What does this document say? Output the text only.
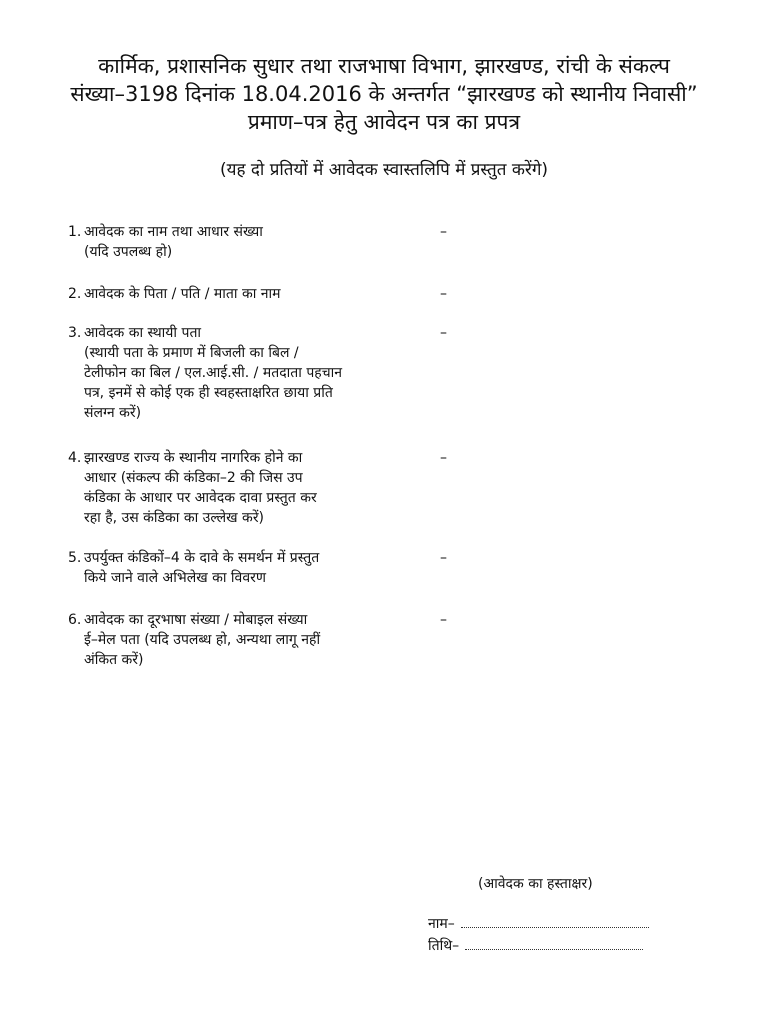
कार्मिक, प्रशासनिक सुधार तथा राजभाषा विभाग, झारखण्ड, रांची के संकल्प
संख्या–3198 दिनांक 18.04.2016 के अन्तर्गत “झारखण्ड को स्थानीय निवासी”
प्रमाण–पत्र हेतु आवेदन पत्र का प्रपत्र
(यह दो प्रतियों में आवेदक स्वास्तलिपि में प्रस्तुत करेंगे)
1. आवेदक का नाम तथा आधार संख्या
(यदि उपलब्ध हो)
–
2. आवेदक के पिता / पति / माता का नाम	–
3. आवेदक का स्थायी पता
(स्थायी पता के प्रमाण में बिजली का बिल /
टेलीफोन का बिल / एल.आई.सी. / मतदाता पहचान
पत्र, इनमें से कोई एक ही स्वहस्ताक्षरित छाया प्रति
संलग्न करें)
–
4. झारखण्ड राज्य के स्थानीय नागरिक होने का
आधार (संकल्प की कंडिका–2 की जिस उप
कंडिका के आधार पर आवेदक दावा प्रस्तुत कर
रहा है, उस कंडिका का उल्लेख करें)
–
5. उपर्युक्त कंडिकों–4 के दावे के समर्थन में प्रस्तुत
किये जाने वाले अभिलेख का विवरण
–
6. आवेदक का दूरभाषा संख्या / मोबाइल संख्या
ई–मेल पता (यदि उपलब्ध हो, अन्यथा लागू नहीं
अंकित करें)
–
(आवेदक का हस्ताक्षर)
नाम–
तिथि–
